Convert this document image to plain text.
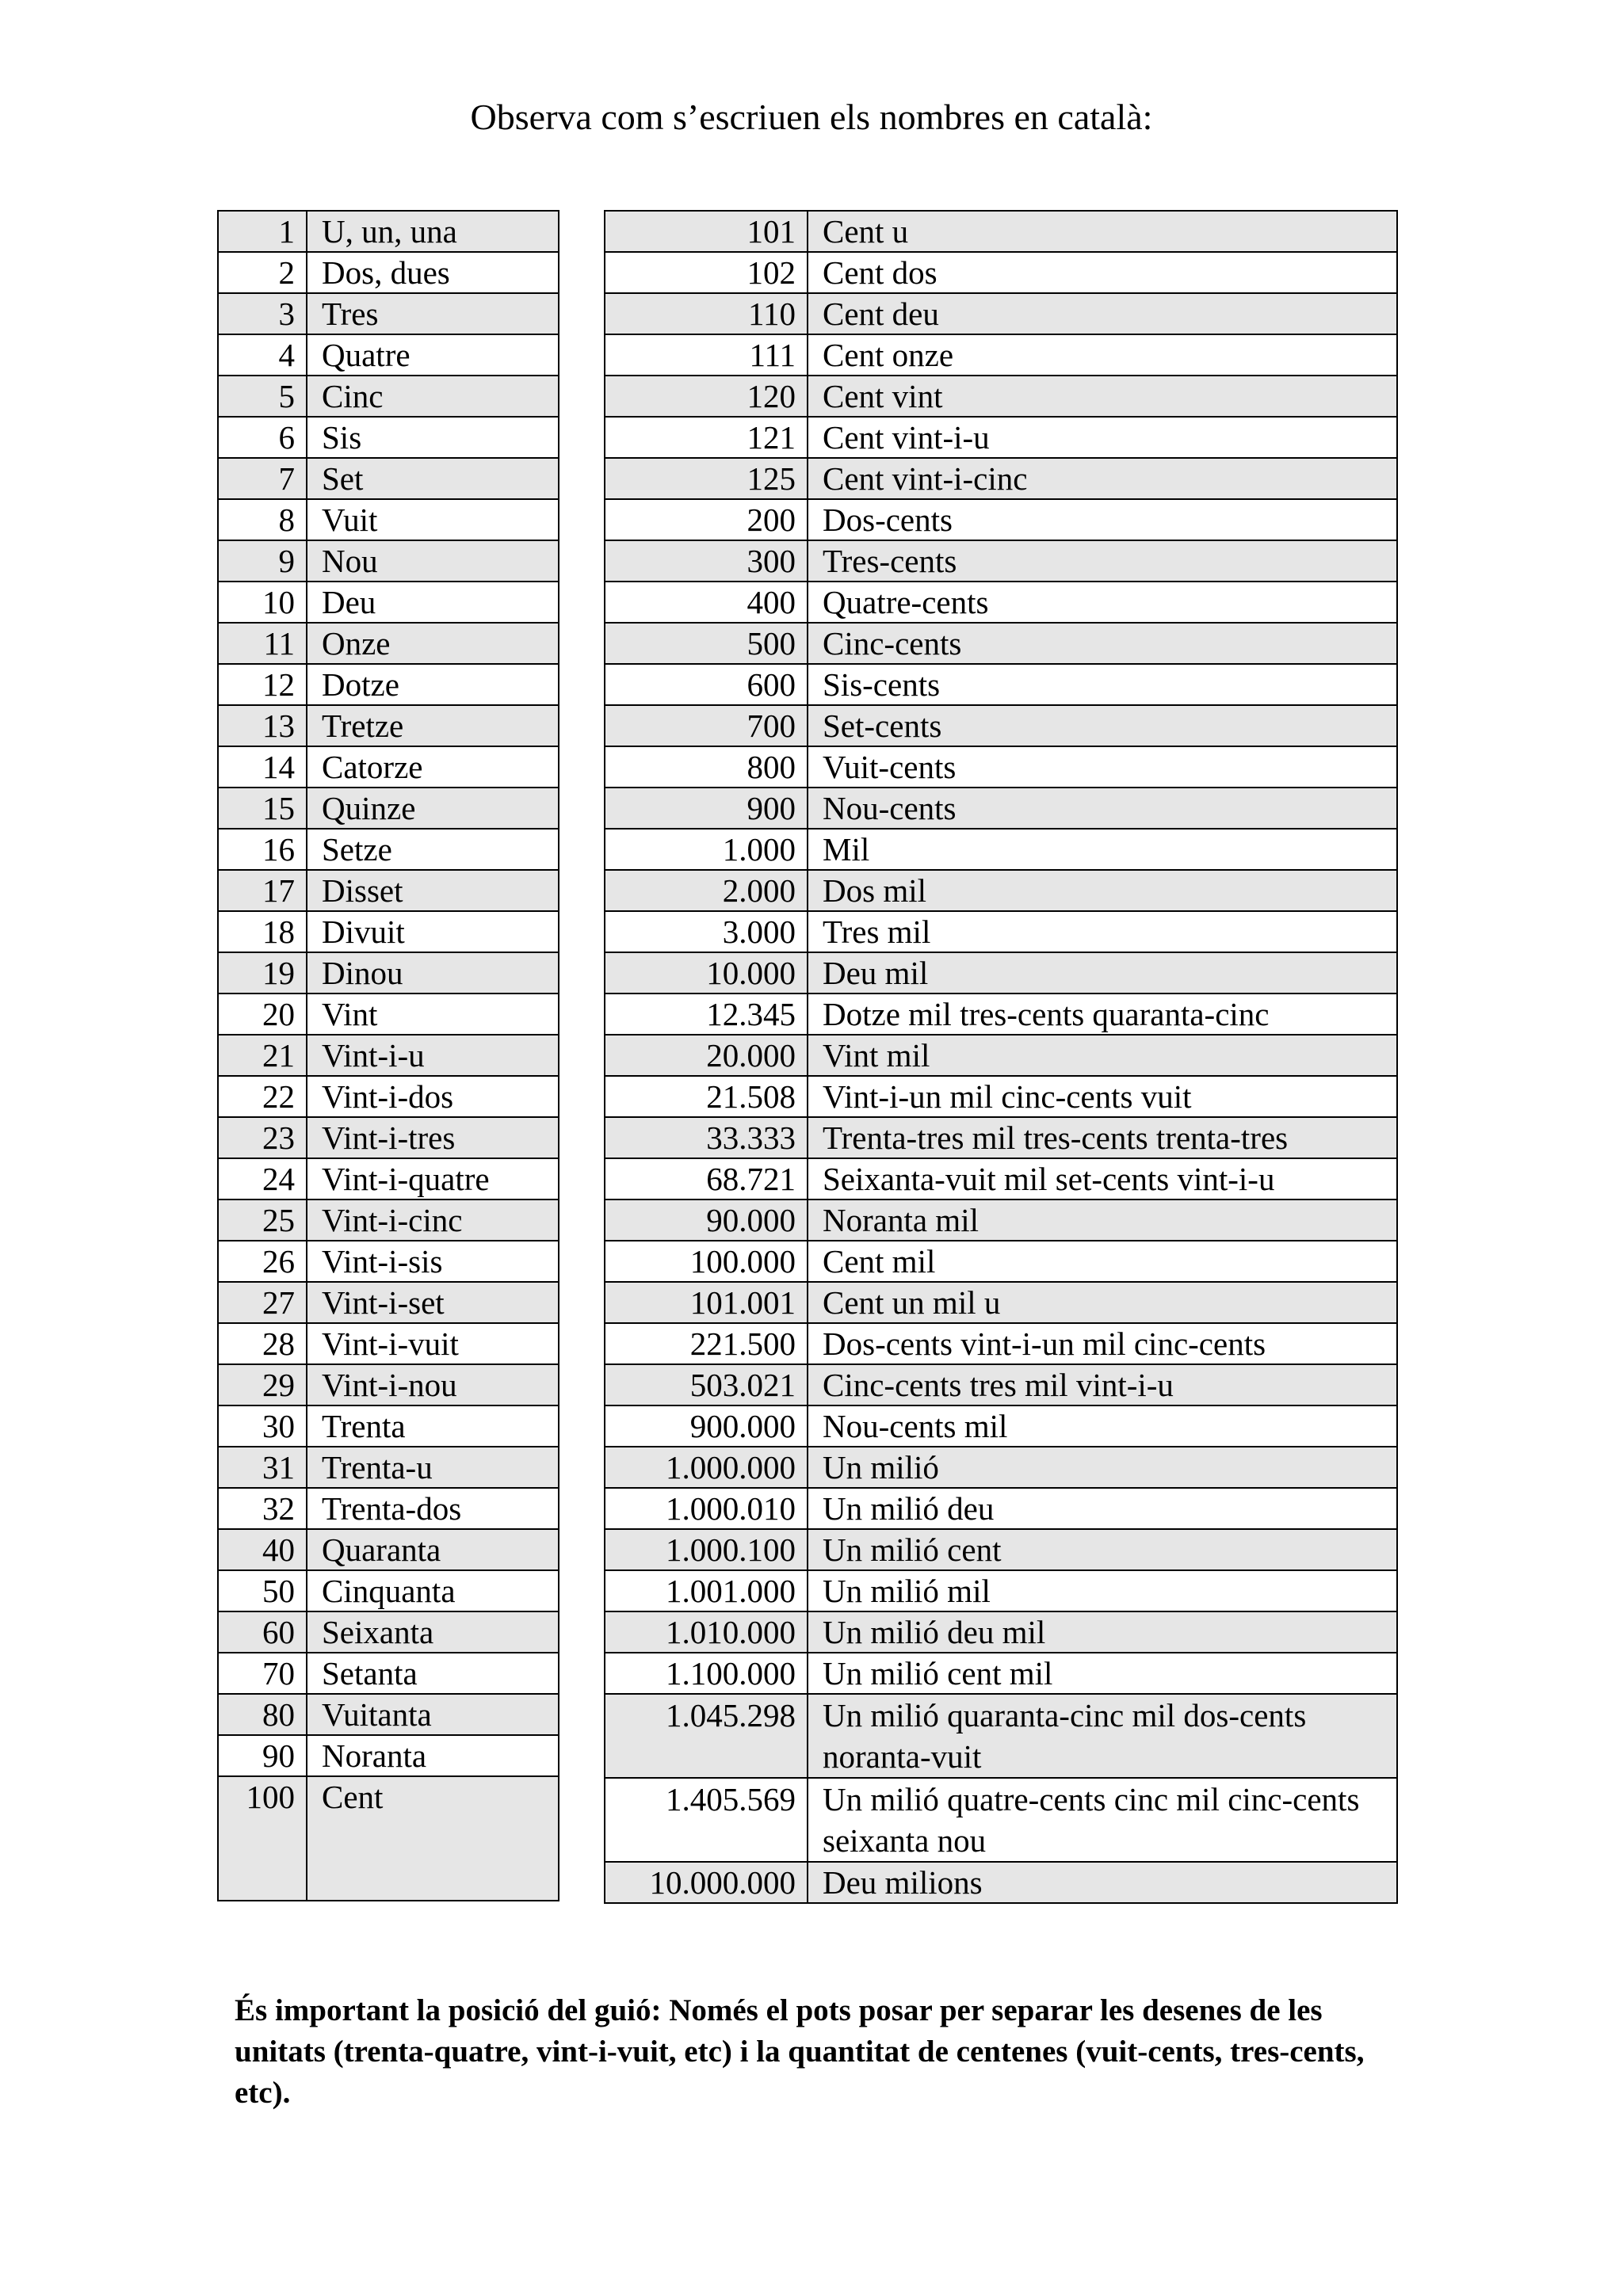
Observa com s’escriuen els nombres en català:
1	U, un, una
2	Dos, dues
3	Tres
4	Quatre
5	Cinc
6	Sis
7	Set
8	Vuit
9	Nou
10	Deu
11	Onze
12	Dotze
13	Tretze
14	Catorze
15	Quinze
16	Setze
17	Disset
18	Divuit
19	Dinou
20	Vint
21	Vint-i-u
22	Vint-i-dos
23	Vint-i-tres
24	Vint-i-quatre
25	Vint-i-cinc
26	Vint-i-sis
27	Vint-i-set
28	Vint-i-vuit
29	Vint-i-nou
30	Trenta
31	Trenta-u
32	Trenta-dos
40	Quaranta
50	Cinquanta
60	Seixanta
70	Setanta
80	Vuitanta
90	Noranta
100	Cent
101	Cent u
102	Cent dos
110	Cent deu
111	Cent onze
120	Cent vint
121	Cent vint-i-u
125	Cent vint-i-cinc
200	Dos-cents
300	Tres-cents
400	Quatre-cents
500	Cinc-cents
600	Sis-cents
700	Set-cents
800	Vuit-cents
900	Nou-cents
1.000	Mil
2.000	Dos mil
3.000	Tres mil
10.000	Deu mil
12.345	Dotze mil tres-cents quaranta-cinc
20.000	Vint mil
21.508	Vint-i-un mil cinc-cents vuit
33.333	Trenta-tres mil tres-cents trenta-tres
68.721	Seixanta-vuit mil set-cents vint-i-u
90.000	Noranta mil
100.000	Cent mil
101.001	Cent un mil u
221.500	Dos-cents vint-i-un mil cinc-cents
503.021	Cinc-cents tres mil vint-i-u
900.000	Nou-cents mil
1.000.000	Un milió
1.000.010	Un milió deu
1.000.100	Un milió cent
1.001.000	Un milió mil
1.010.000	Un milió deu mil
1.100.000	Un milió cent mil
1.045.298	Un milió quaranta-cinc mil dos-cents noranta-vuit
1.405.569	Un milió quatre-cents cinc mil cinc-cents seixanta nou
10.000.000	Deu milions
És important la posició del guió: Només el pots posar per separar les desenes de les unitats (trenta-quatre, vint-i-vuit, etc) i la quantitat de centenes (vuit-cents, tres-cents, etc).
